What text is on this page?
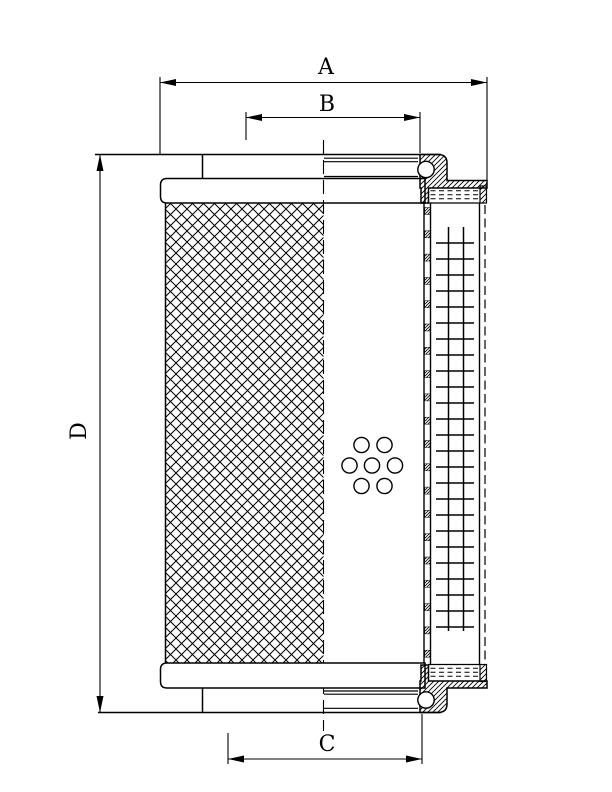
A
B
D
C
